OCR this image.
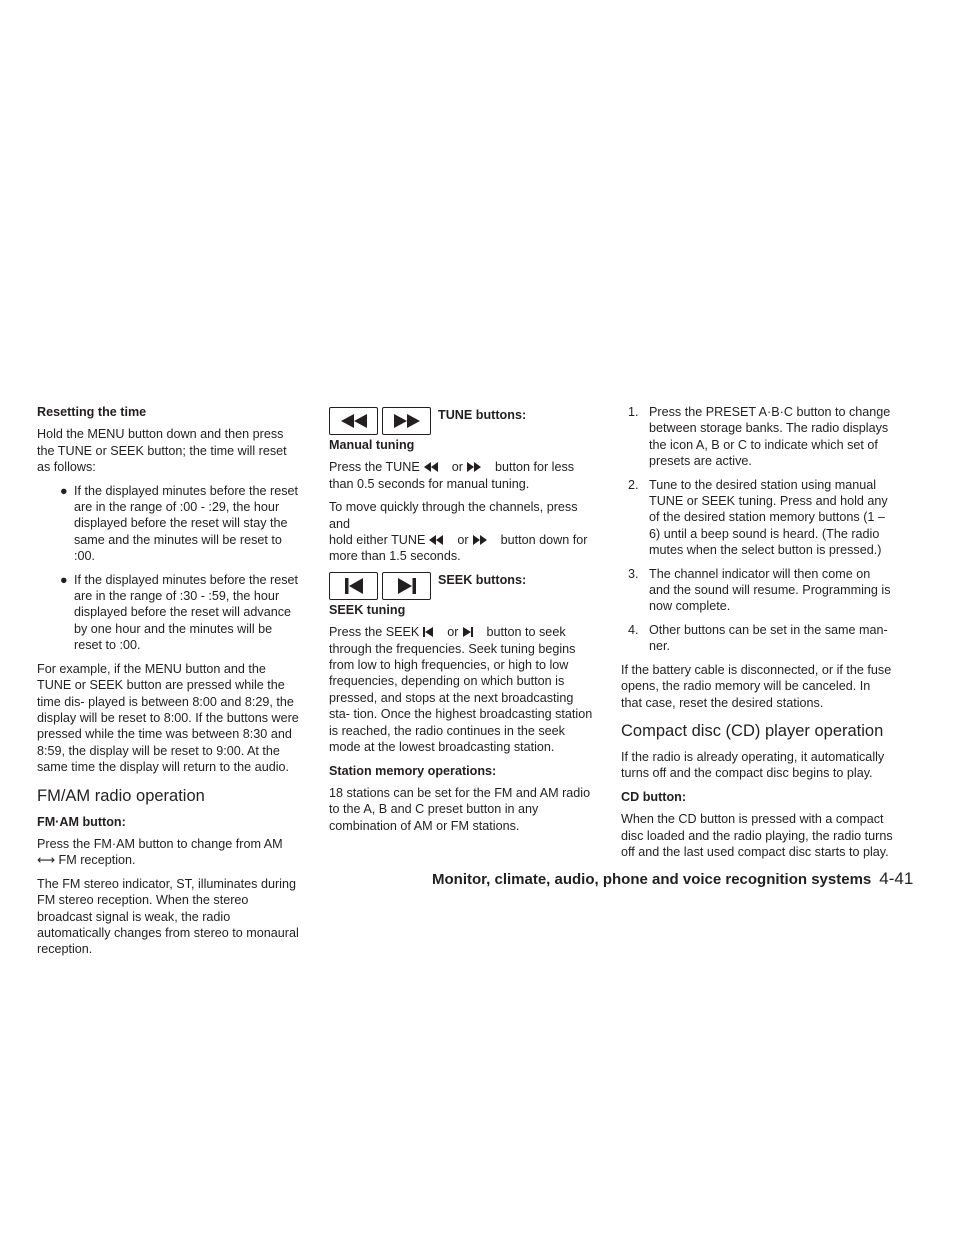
Resetting the time

Hold the MENU button down and then press the TUNE or SEEK button; the time will reset as follows:

● If the displayed minutes before the reset are in the range of :00 - :29, the hour displayed before the reset will stay the same and the minutes will be reset to :00.
● If the displayed minutes before the reset are in the range of :30 - :59, the hour displayed before the reset will advance by one hour and the minutes will be reset to :00.

For example, if the MENU button and the TUNE or SEEK button are pressed while the time dis- played is between 8:00 and 8:29, the display will be reset to 8:00. If the buttons were pressed while the time was between 8:30 and 8:59, the display will be reset to 9:00. At the same time the display will return to the audio.

FM/AM radio operation

FM·AM button:

Press the FM·AM button to change from AM ⟷ FM reception.

The FM stereo indicator, ST, illuminates during FM stereo reception. When the stereo broadcast signal is weak, the radio automatically changes from stereo to monaural reception.

TUNE buttons:

Manual tuning

Press the TUNE	or	button for less than 0.5 seconds for manual tuning.

To move quickly through the channels, press and
hold either TUNE	or	button down for more than 1.5 seconds.

SEEK buttons:

SEEK tuning

Press the SEEK or button to seek through the frequencies. Seek tuning begins from low to high frequencies, or high to low frequencies, depending on which button is pressed, and stops at the next broadcasting sta- tion. Once the highest broadcasting station is reached, the radio continues in the seek mode at the lowest broadcasting station.

Station memory operations:

18 stations can be set for the FM and AM radio to the A, B and C preset button in any combination of AM or FM stations.

1. Press the PRESET A·B·C button to change between storage banks. The radio displays the icon A, B or C to indicate which set of presets are active.
2. Tune to the desired station using manual TUNE or SEEK tuning. Press and hold any of the desired station memory buttons (1 – 6) until a beep sound is heard. (The radio mutes when the select button is pressed.)
3. The channel indicator will then come on and the sound will resume. Programming is now complete.
4. Other buttons can be set in the same man- ner.

If the battery cable is disconnected, or if the fuse opens, the radio memory will be canceled. In that case, reset the desired stations.

Compact disc (CD) player operation

If the radio is already operating, it automatically turns off and the compact disc begins to play.

CD button:

When the CD button is pressed with a compact disc loaded and the radio playing, the radio turns off and the last used compact disc starts to play.

Monitor, climate, audio, phone and voice recognition systems 4-41
